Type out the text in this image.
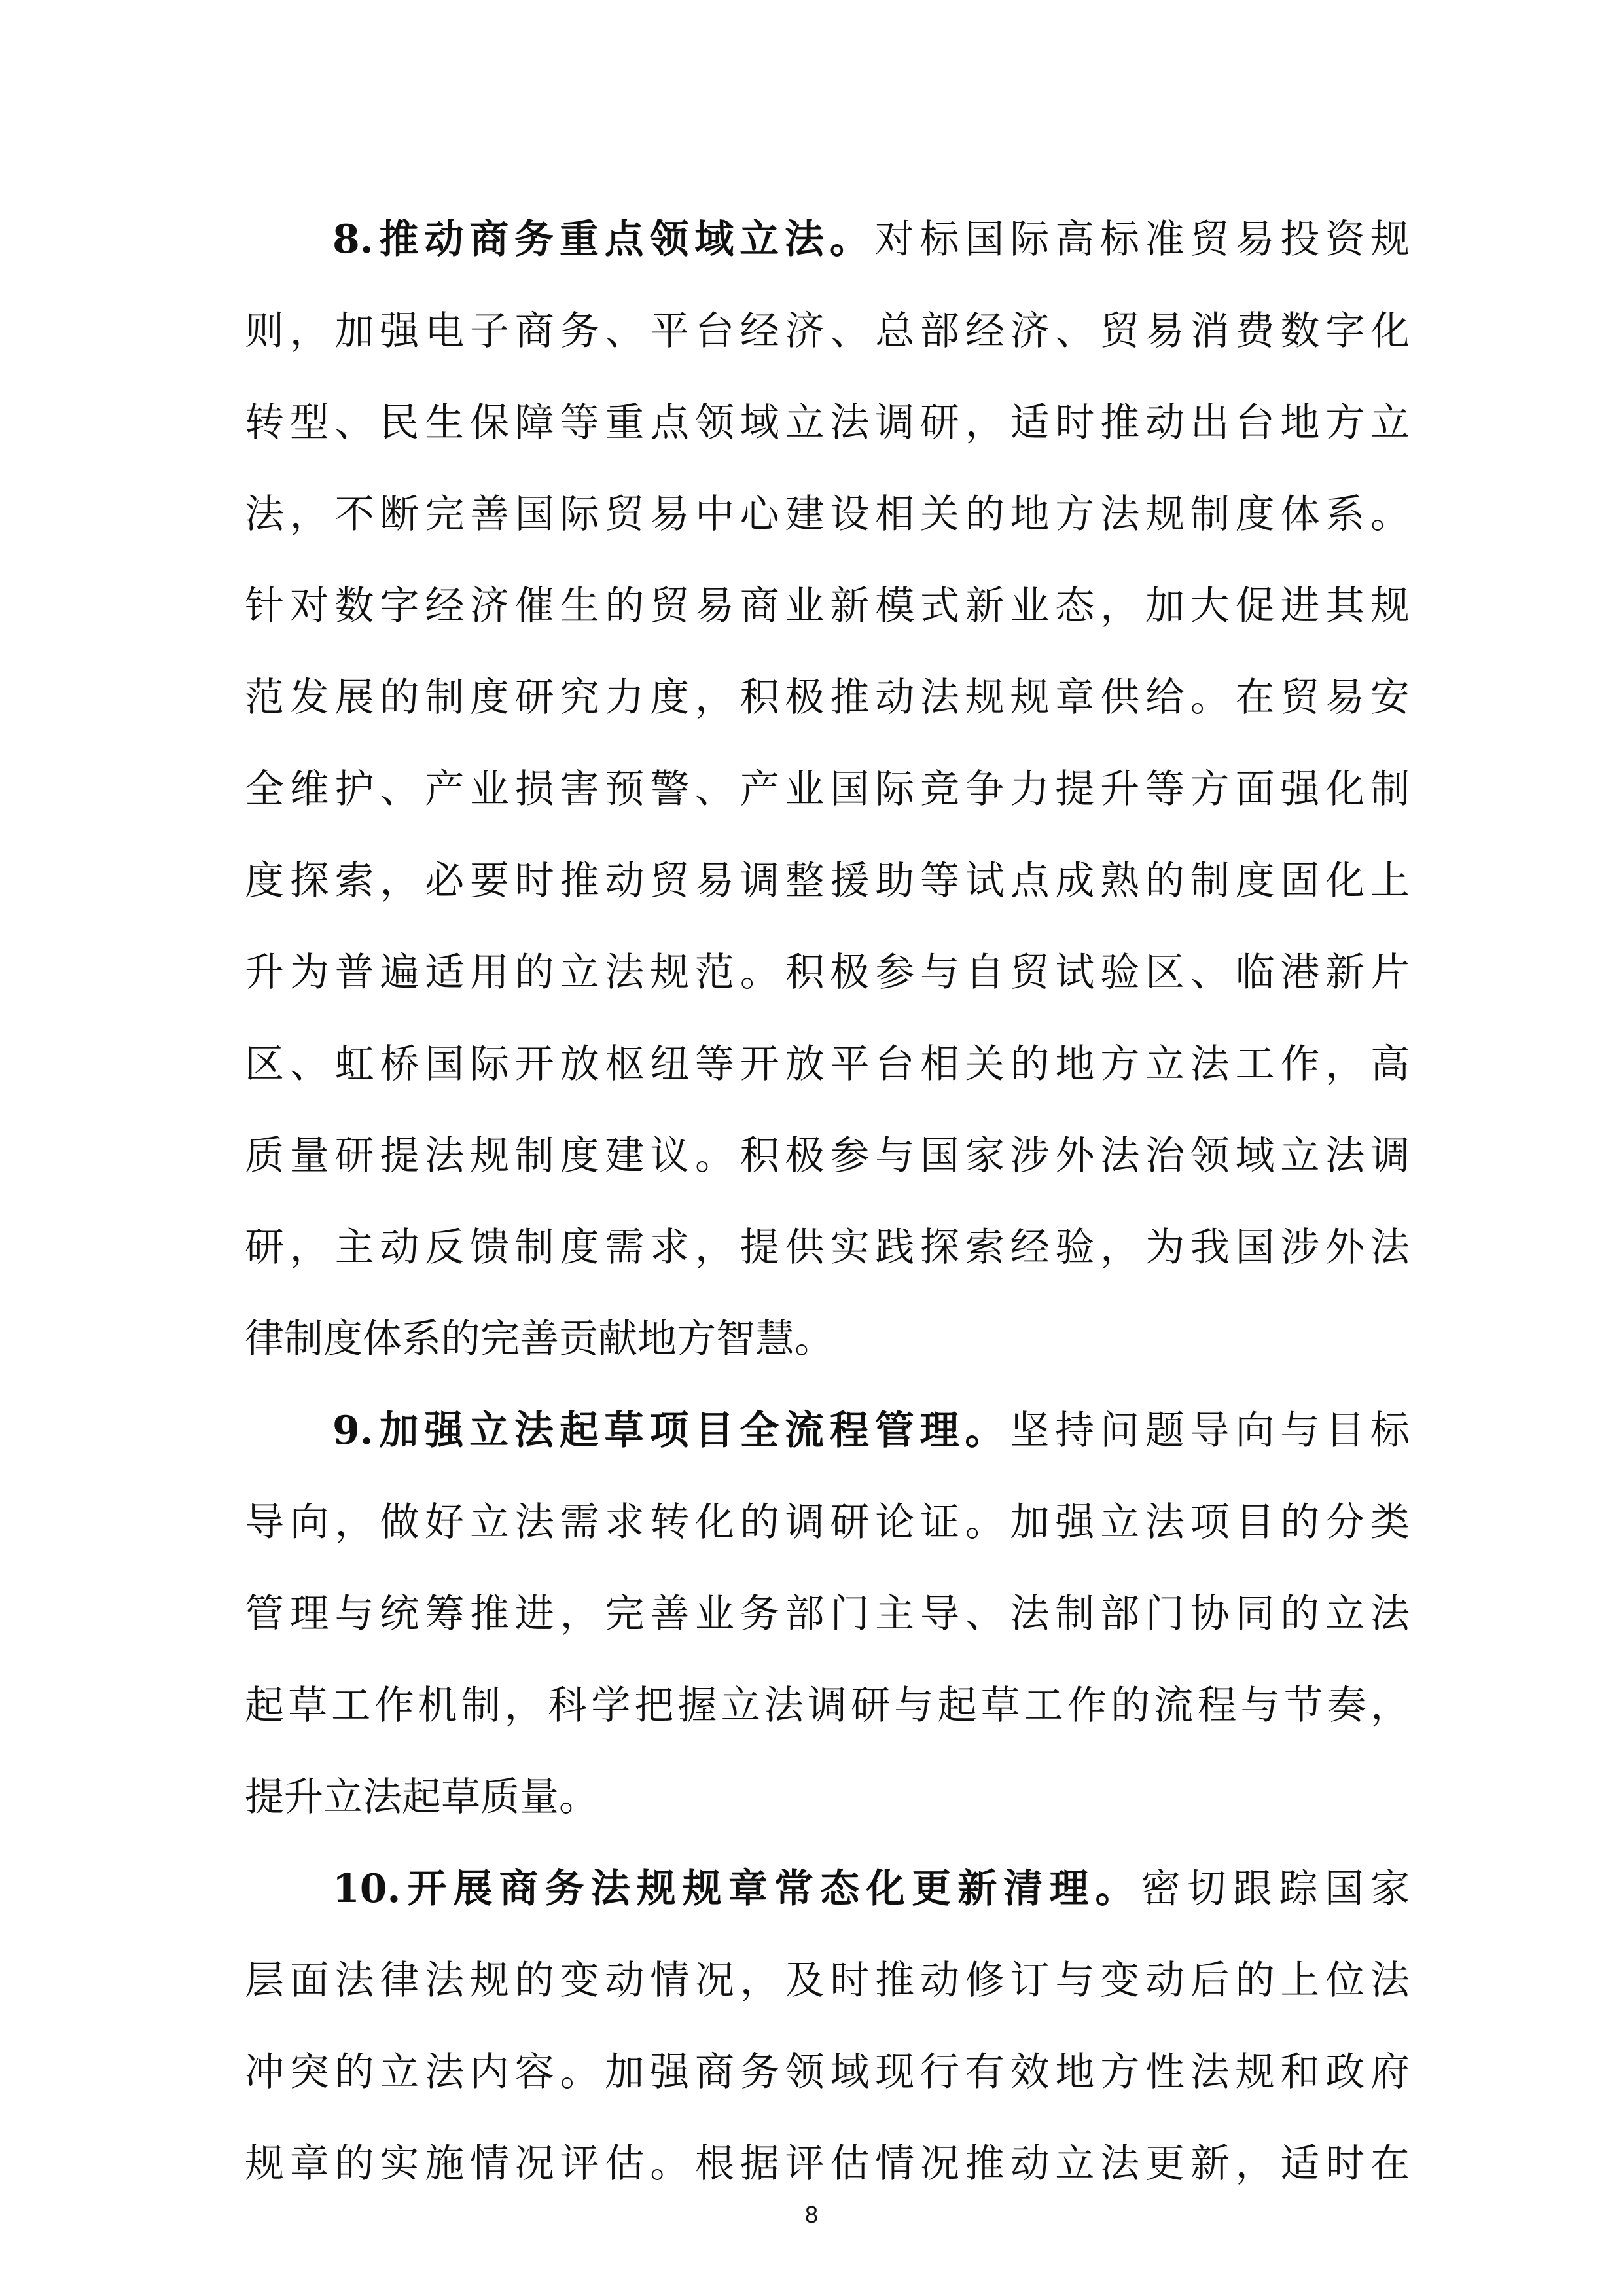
8.推动商务重点领域立法。对标国际高标准贸易投资规
则，加强电子商务、平台经济、总部经济、贸易消费数字化
转型、民生保障等重点领域立法调研，适时推动出台地方立
法，不断完善国际贸易中心建设相关的地方法规制度体系。
针对数字经济催生的贸易商业新模式新业态，加大促进其规
范发展的制度研究力度，积极推动法规规章供给。在贸易安
全维护、产业损害预警、产业国际竞争力提升等方面强化制
度探索，必要时推动贸易调整援助等试点成熟的制度固化上
升为普遍适用的立法规范。积极参与自贸试验区、临港新片
区、虹桥国际开放枢纽等开放平台相关的地方立法工作，高
质量研提法规制度建议。积极参与国家涉外法治领域立法调
研，主动反馈制度需求，提供实践探索经验，为我国涉外法
律制度体系的完善贡献地方智慧。
9.加强立法起草项目全流程管理。坚持问题导向与目标
导向，做好立法需求转化的调研论证。加强立法项目的分类
管理与统筹推进，完善业务部门主导、法制部门协同的立法
起草工作机制，科学把握立法调研与起草工作的流程与节奏，
提升立法起草质量。
10.开展商务法规规章常态化更新清理。密切跟踪国家
层面法律法规的变动情况，及时推动修订与变动后的上位法
冲突的立法内容。加强商务领域现行有效地方性法规和政府
规章的实施情况评估。根据评估情况推动立法更新，适时在
8
